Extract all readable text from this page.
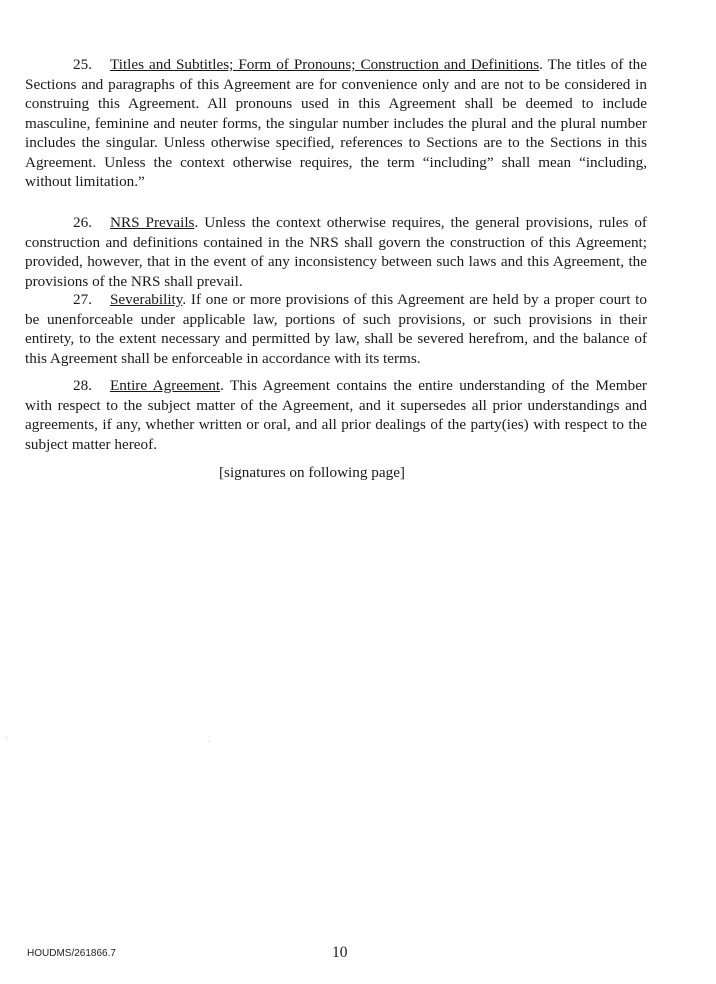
25. Titles and Subtitles; Form of Pronouns; Construction and Definitions. The titles of the Sections and paragraphs of this Agreement are for convenience only and are not to be considered in construing this Agreement. All pronouns used in this Agreement shall be deemed to include masculine, feminine and neuter forms, the singular number includes the plural and the plural number includes the singular. Unless otherwise specified, references to Sections are to the Sections in this Agreement. Unless the context otherwise requires, the term “including” shall mean “including, without limitation.”

26. NRS Prevails. Unless the context otherwise requires, the general provisions, rules of construction and definitions contained in the NRS shall govern the construction of this Agreement; provided, however, that in the event of any inconsistency between such laws and this Agreement, the provisions of the NRS shall prevail.

27. Severability. If one or more provisions of this Agreement are held by a proper court to be unenforceable under applicable law, portions of such provisions, or such provisions in their entirety, to the extent necessary and permitted by law, shall be severed herefrom, and the balance of this Agreement shall be enforceable in accordance with its terms.

28. Entire Agreement. This Agreement contains the entire understanding of the Member with respect to the subject matter of the Agreement, and it supersedes all prior understandings and agreements, if any, whether written or oral, and all prior dealings of the party(ies) with respect to the subject matter hereof.

[signatures on following page]
HOUDMS/261866.7	10
